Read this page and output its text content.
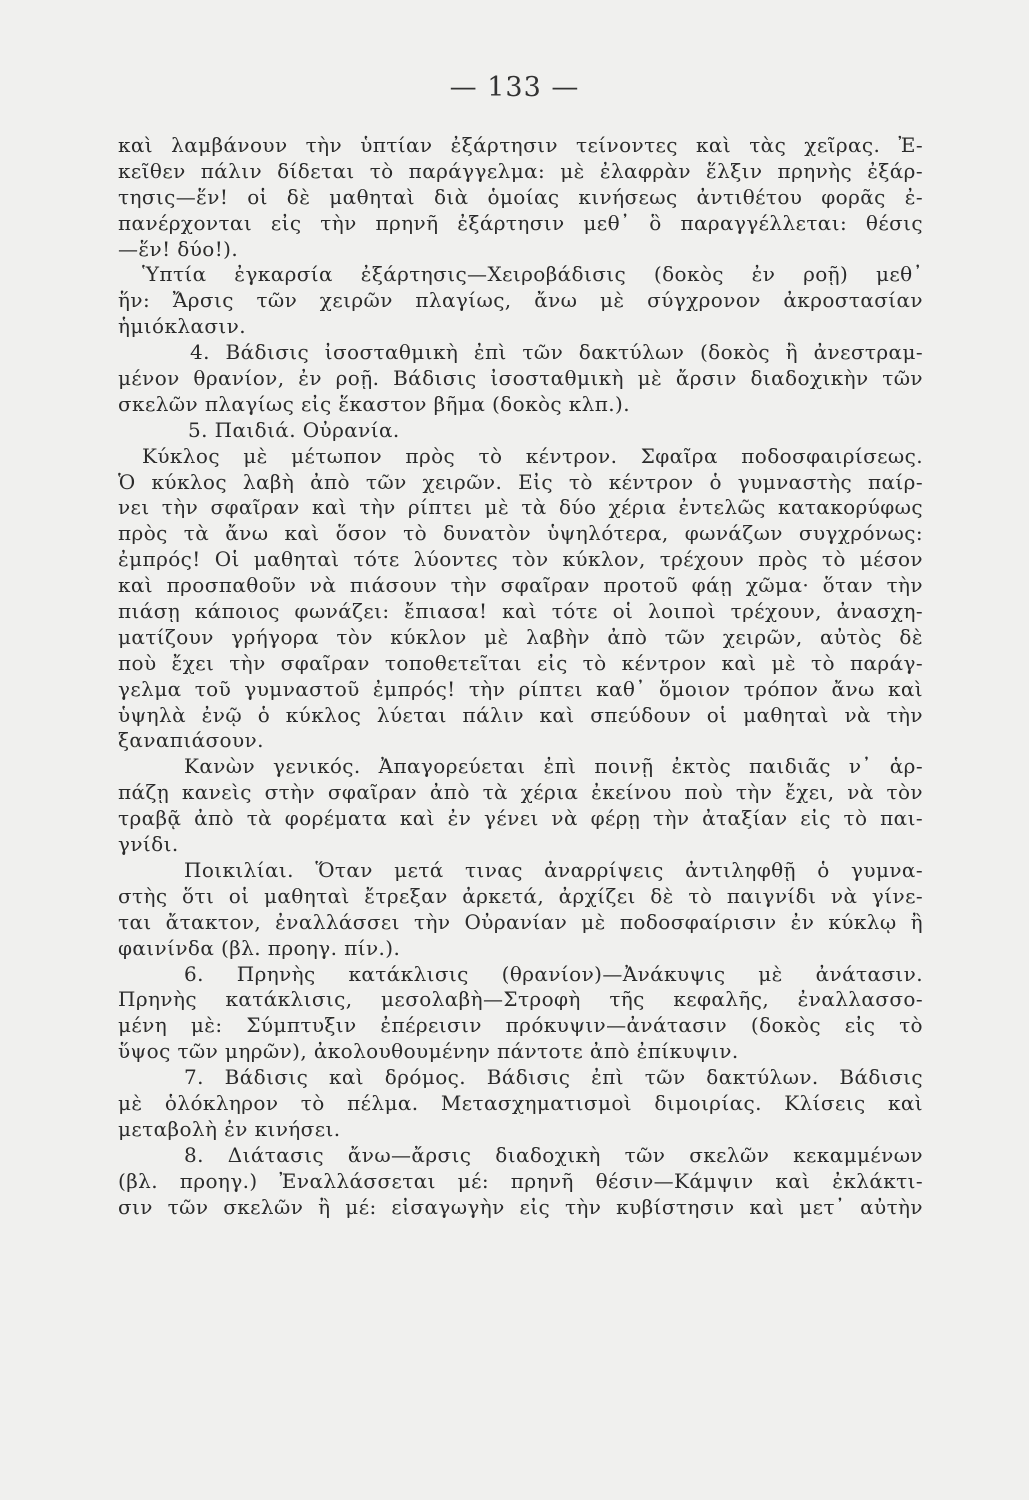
— 133 —
καὶ λαμβάνουν τὴν ὑπτίαν ἐξάρτησιν τείνοντες καὶ τὰς χεῖρας. Ἐ-
κεῖθεν πάλιν δίδεται τὸ παράγγελμα: μὲ ἐλαφρὰν ἕλξιν πρηνὴς ἐξάρ-
τησις—ἕν! οἱ δὲ μαθηταὶ διὰ ὁμοίας κινήσεως ἀντιθέτου φορᾶς ἐ-
πανέρχονται εἰς τὴν πρηνῆ ἐξάρτησιν μεθ᾽ ὃ παραγγέλλεται: θέσις
—ἕν! δύο!).
Ὑπτία ἐγκαρσία ἐξάρτησις—Χειροβάδισις (δοκὸς ἐν ροῇ) μεθ᾽
ἥν: Ἄρσις τῶν χειρῶν πλαγίως, ἄνω μὲ σύγχρονον ἀκροστασίαν
ἡμιόκλασιν.
4. Βάδισις ἰσοσταθμικὴ ἐπὶ τῶν δακτύλων (δοκὸς ἢ ἀνεστραμ-
μένον θρανίον, ἐν ροῇ. Βάδισις ἰσοσταθμικὴ μὲ ἄρσιν διαδοχικὴν τῶν
σκελῶν πλαγίως εἰς ἕκαστον βῆμα (δοκὸς κλπ.).
5. Παιδιά. Οὐρανία.
Κύκλος μὲ μέτωπον πρὸς τὸ κέντρον. Σφαῖρα ποδοσφαιρίσεως.
Ὁ κύκλος λαβὴ ἀπὸ τῶν χειρῶν. Εἰς τὸ κέντρον ὁ γυμναστὴς παίρ-
νει τὴν σφαῖραν καὶ τὴν ρίπτει μὲ τὰ δύο χέρια ἐντελῶς κατακορύφως
πρὸς τὰ ἄνω καὶ ὅσον τὸ δυνατὸν ὑψηλότερα, φωνάζων συγχρόνως:
ἐμπρός! Οἱ μαθηταὶ τότε λύοντες τὸν κύκλον, τρέχουν πρὸς τὸ μέσον
καὶ προσπαθοῦν νὰ πιάσουν τὴν σφαῖραν προτοῦ φάῃ χῶμα· ὅταν τὴν
πιάσῃ κάποιος φωνάζει: ἔπιασα! καὶ τότε οἱ λοιποὶ τρέχουν, ἀνασχη-
ματίζουν γρήγορα τὸν κύκλον μὲ λαβὴν ἀπὸ τῶν χειρῶν, αὐτὸς δὲ
ποὺ ἔχει τὴν σφαῖραν τοποθετεῖται εἰς τὸ κέντρον καὶ μὲ τὸ παράγ-
γελμα τοῦ γυμναστοῦ ἐμπρός! τὴν ρίπτει καθ᾽ ὅμοιον τρόπον ἄνω καὶ
ὑψηλὰ ἐνῷ ὁ κύκλος λύεται πάλιν καὶ σπεύδουν οἱ μαθηταὶ νὰ τὴν
ξαναπιάσουν.
Κανὼν γενικός. Ἀπαγορεύεται ἐπὶ ποινῇ ἐκτὸς παιδιᾶς ν᾽ ἁρ-
πάζῃ κανεὶς στὴν σφαῖραν ἀπὸ τὰ χέρια ἐκείνου ποὺ τὴν ἔχει, νὰ τὸν
τραβᾷ ἀπὸ τὰ φορέματα καὶ ἐν γένει νὰ φέρῃ τὴν ἀταξίαν εἰς τὸ παι-
γνίδι.
Ποικιλίαι. Ὅταν μετά τινας ἀναρρίψεις ἀντιληφθῇ ὁ γυμνα-
στὴς ὅτι οἱ μαθηταὶ ἔτρεξαν ἀρκετά, ἀρχίζει δὲ τὸ παιγνίδι νὰ γίνε-
ται ἄτακτον, ἐναλλάσσει τὴν Οὐρανίαν μὲ ποδοσφαίρισιν ἐν κύκλῳ ἢ
φαινίνδα (βλ. προηγ. πίν.).
6. Πρηνὴς κατάκλισις (θρανίον)—Ἀνάκυψις μὲ ἀνάτασιν.
Πρηνὴς κατάκλισις, μεσολαβὴ—Στροφὴ τῆς κεφαλῆς, ἐναλλασσο-
μένη μὲ: Σύμπτυξιν ἐπέρεισιν πρόκυψιν—ἀνάτασιν (δοκὸς εἰς τὸ
ὕψος τῶν μηρῶν), ἀκολουθουμένην πάντοτε ἀπὸ ἐπίκυψιν.
7. Βάδισις καὶ δρόμος. Βάδισις ἐπὶ τῶν δακτύλων. Βάδισις
μὲ ὁλόκληρον τὸ πέλμα. Μετασχηματισμοὶ διμοιρίας. Κλίσεις καὶ
μεταβολὴ ἐν κινήσει.
8. Διάτασις ἄνω—ἄρσις διαδοχικὴ τῶν σκελῶν κεκαμμένων
(βλ. προηγ.) Ἐναλλάσσεται μέ: πρηνῆ θέσιν—Κάμψιν καὶ ἐκλάκτι-
σιν τῶν σκελῶν ἢ μέ: εἰσαγωγὴν εἰς τὴν κυβίστησιν καὶ μετ᾽ αὐτὴν
